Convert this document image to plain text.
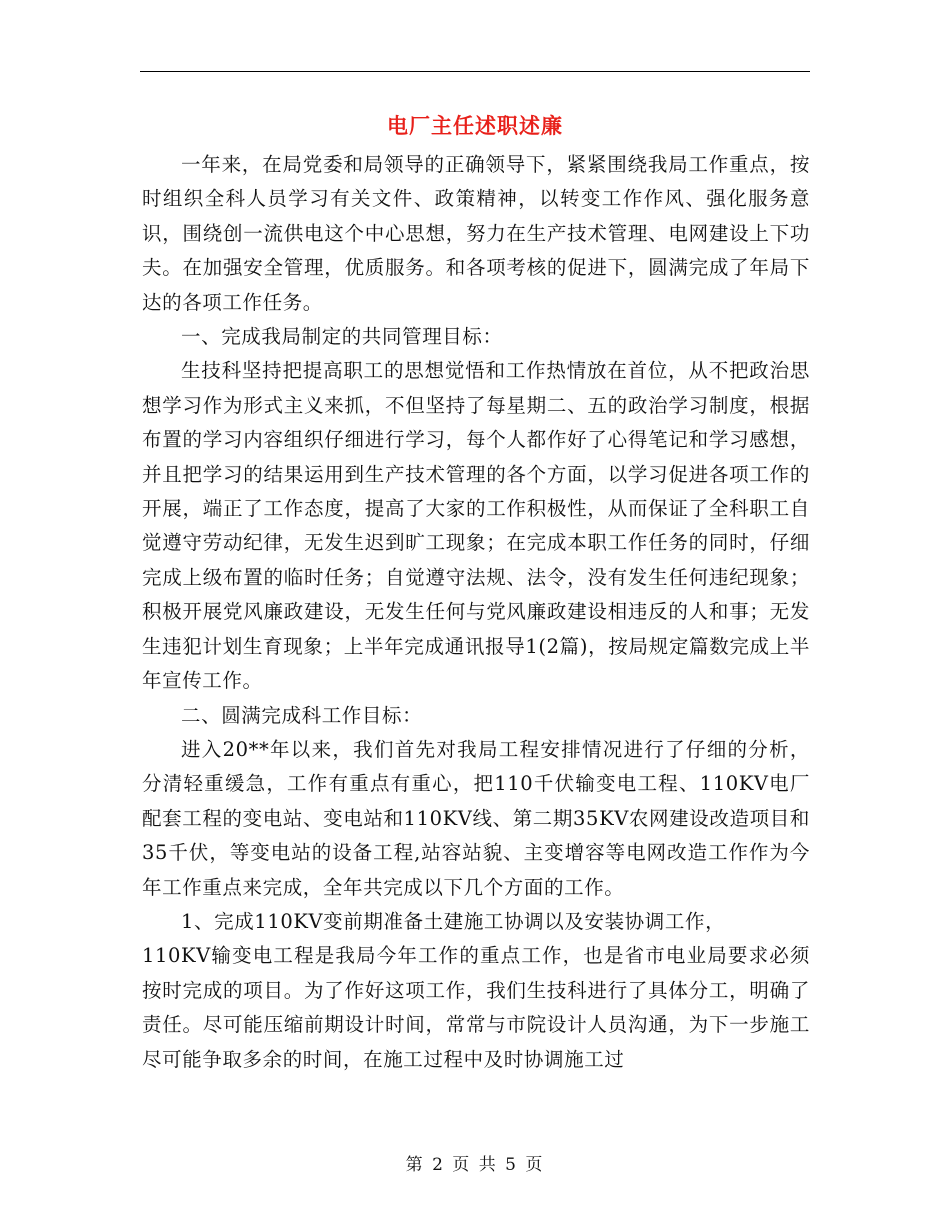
电厂主任述职述廉

一年来，在局党委和局领导的正确领导下，紧紧围绕我局工作重点，按时组织全科人员学习有关文件、政策精神，以转变工作作风、强化服务意识，围绕创一流供电这个中心思想，努力在生产技术管理、电网建设上下功夫。在加强安全管理，优质服务。和各项考核的促进下，圆满完成了年局下达的各项工作任务。

一、完成我局制定的共同管理目标：

生技科坚持把提高职工的思想觉悟和工作热情放在首位，从不把政治思想学习作为形式主义来抓，不但坚持了每星期二、五的政治学习制度，根据布置的学习内容组织仔细进行学习，每个人都作好了心得笔记和学习感想，并且把学习的结果运用到生产技术管理的各个方面，以学习促进各项工作的开展，端正了工作态度，提高了大家的工作积极性，从而保证了全科职工自觉遵守劳动纪律，无发生迟到旷工现象；在完成本职工作任务的同时，仔细完成上级布置的临时任务；自觉遵守法规、法令，没有发生任何违纪现象；积极开展党风廉政建设，无发生任何与党风廉政建设相违反的人和事；无发生违犯计划生育现象；上半年完成通讯报导1(2篇)，按局规定篇数完成上半年宣传工作。

二、圆满完成科工作目标：

进入20**年以来，我们首先对我局工程安排情况进行了仔细的分析，分清轻重缓急，工作有重点有重心，把110千伏输变电工程、110KV电厂配套工程的变电站、变电站和110KV线、第二期35KV农网建设改造项目和35千伏，等变电站的设备工程,站容站貌、主变增容等电网改造工作作为今年工作重点来完成，全年共完成以下几个方面的工作。

1、完成110KV变前期准备土建施工协调以及安装协调工作，

110KV输变电工程是我局今年工作的重点工作，也是省市电业局要求必须按时完成的项目。为了作好这项工作，我们生技科进行了具体分工，明确了责任。尽可能压缩前期设计时间，常常与市院设计人员沟通，为下一步施工尽可能争取多余的时间，在施工过程中及时协调施工过

第 2 页 共 5 页
